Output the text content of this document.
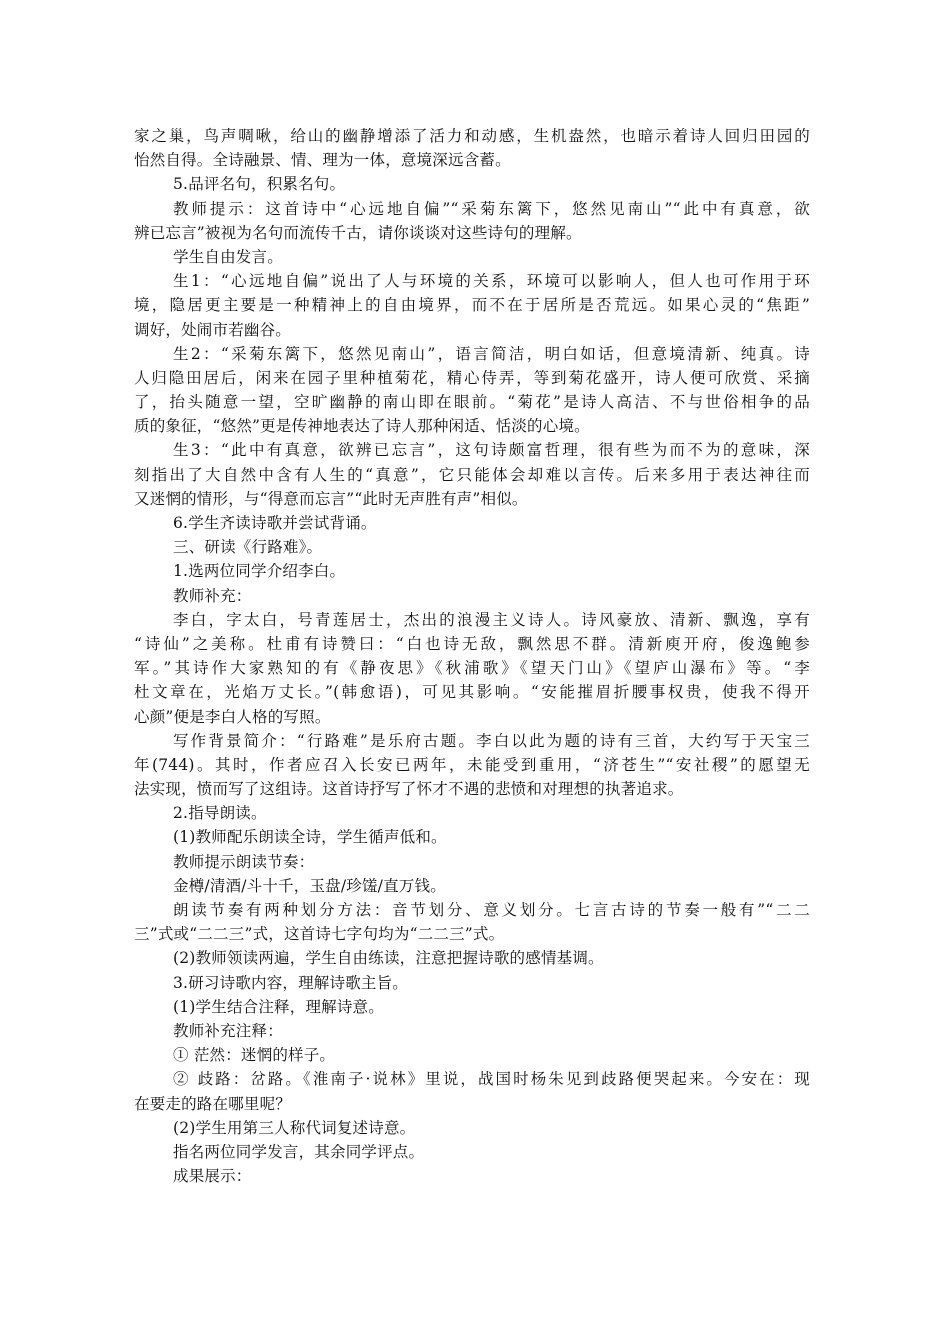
家之巢，鸟声啁啾，给山的幽静增添了活力和动感，生机盎然，也暗示着诗人回归田园的
怡然自得。全诗融景、情、理为一体，意境深远含蓄。
5.品评名句，积累名句。
教师提示：这首诗中“心远地自偏”“采菊东篱下，悠然见南山”“此中有真意，欲
辨已忘言”被视为名句而流传千古，请你谈谈对这些诗句的理解。
学生自由发言。
生1：“心远地自偏”说出了人与环境的关系，环境可以影响人，但人也可作用于环
境，隐居更主要是一种精神上的自由境界，而不在于居所是否荒远。如果心灵的“焦距”
调好，处闹市若幽谷。
生2：“采菊东篱下，悠然见南山”，语言简洁，明白如话，但意境清新、纯真。诗
人归隐田居后，闲来在园子里种植菊花，精心侍弄，等到菊花盛开，诗人便可欣赏、采摘
了，抬头随意一望，空旷幽静的南山即在眼前。“菊花”是诗人高洁、不与世俗相争的品
质的象征，“悠然”更是传神地表达了诗人那种闲适、恬淡的心境。
生3：“此中有真意，欲辨已忘言”，这句诗颇富哲理，很有些为而不为的意味，深
刻指出了大自然中含有人生的“真意”，它只能体会却难以言传。后来多用于表达神往而
又迷惘的情形，与“得意而忘言”“此时无声胜有声”相似。
6.学生齐读诗歌并尝试背诵。
三、研读《行路难》。
1.选两位同学介绍李白。
教师补充：
李白，字太白，号青莲居士，杰出的浪漫主义诗人。诗风豪放、清新、飘逸，享有
“诗仙”之美称。杜甫有诗赞曰：“白也诗无敌，飘然思不群。清新庾开府，俊逸鲍参
军。”其诗作大家熟知的有《静夜思》《秋浦歌》《望天门山》《望庐山瀑布》等。“李
杜文章在，光焰万丈长。”(韩愈语)，可见其影响。“安能摧眉折腰事权贵，使我不得开
心颜”便是李白人格的写照。
写作背景简介：“行路难”是乐府古题。李白以此为题的诗有三首，大约写于天宝三
年(744)。其时，作者应召入长安已两年，未能受到重用，“济苍生”“安社稷”的愿望无
法实现，愤而写了这组诗。这首诗抒写了怀才不遇的悲愤和对理想的执著追求。
2.指导朗读。
(1)教师配乐朗读全诗，学生循声低和。
教师提示朗读节奏：
金樽/清酒/斗十千，玉盘/珍馐/直万钱。
朗读节奏有两种划分方法：音节划分、意义划分。七言古诗的节奏一般有”“二二
三”式或“二二三”式，这首诗七字句均为“二二三”式。
(2)教师领读两遍，学生自由练读，注意把握诗歌的感情基调。
3.研习诗歌内容，理解诗歌主旨。
(1)学生结合注释，理解诗意。
教师补充注释：
① 茫然：迷惘的样子。
② 歧路：岔路。《淮南子·说林》里说，战国时杨朱见到歧路便哭起来。今安在：现
在要走的路在哪里呢？
(2)学生用第三人称代词复述诗意。
指名两位同学发言，其余同学评点。
成果展示：
